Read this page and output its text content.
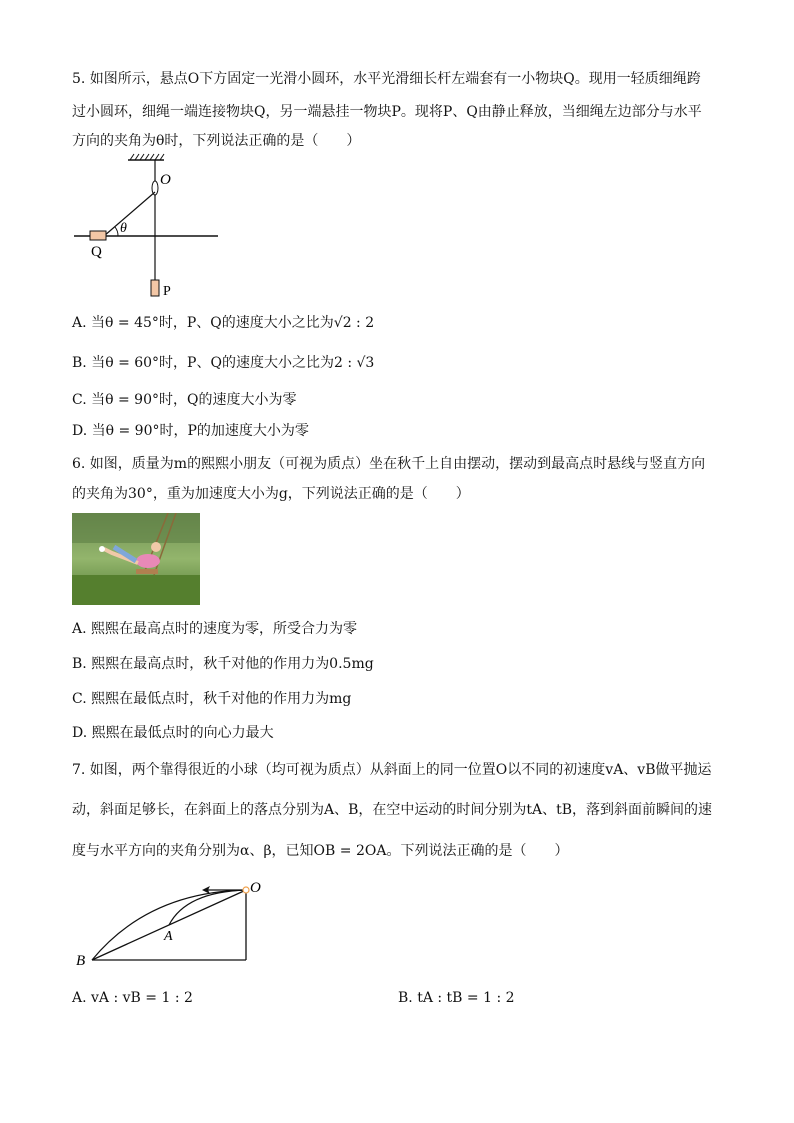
5. 如图所示，悬点O下方固定一光滑小圆环，水平光滑细长杆左端套有一小物块Q。现用一轻质细绳跨
过小圆环，细绳一端连接物块Q，另一端悬挂一物块P。现将P、Q由静止释放，当细绳左边部分与水平
方向的夹角为θ时，下列说法正确的是（　　）
θ
Q
P
O
A. 当θ = 45°时，P、Q的速度大小之比为√2 : 2
B. 当θ = 60°时，P、Q的速度大小之比为2 : √3
C. 当θ = 90°时，Q的速度大小为零
D. 当θ = 90°时，P的加速度大小为零
6. 如图，质量为m的熙熙小朋友（可视为质点）坐在秋千上自由摆动，摆动到最高点时悬线与竖直方向
的夹角为30°，重为加速度大小为g，下列说法正确的是（　　）
A. 熙熙在最高点时的速度为零，所受合力为零
B. 熙熙在最高点时，秋千对他的作用力为0.5mg
C. 熙熙在最低点时，秋千对他的作用力为mg
D. 熙熙在最低点时的向心力最大
7. 如图，两个靠得很近的小球（均可视为质点）从斜面上的同一位置O以不同的初速度vA、vB做平抛运
动，斜面足够长，在斜面上的落点分别为A、B，在空中运动的时间分别为tA、tB，落到斜面前瞬间的速
度与水平方向的夹角分别为α、β，已知OB = 2OA。下列说法正确的是（　　）
O
A
B
A. vA : vB = 1 : 2	B. tA : tB = 1 : 2
